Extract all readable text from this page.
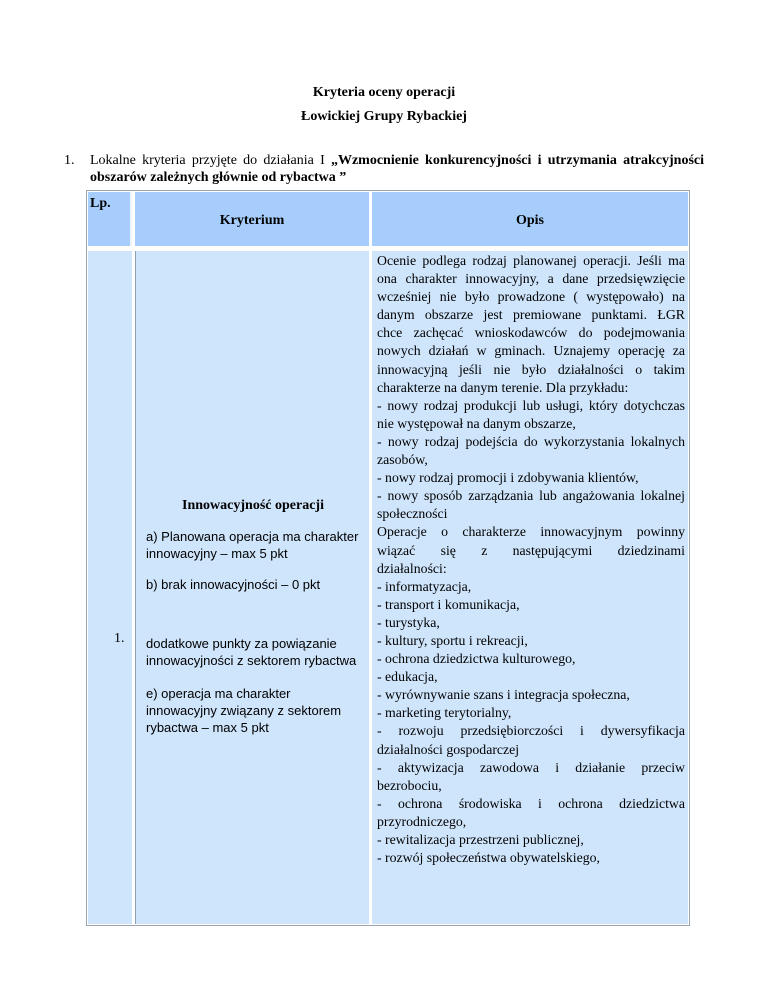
Kryteria oceny operacji
Łowickiej Grupy Rybackiej
1. Lokalne kryteria przyjęte do działania I „Wzmocnienie konkurencyjności i utrzymania atrakcyjności obszarów zależnych głównie od rybactwa ”
Lp.
Kryterium	Opis
1.
Innowacyjność operacji
a) Planowana operacja ma charakter innowacyjny – max 5 pkt
b) brak innowacyjności – 0 pkt
dodatkowe punkty za powiązanie innowacyjności z sektorem rybactwa
e) operacja ma charakter innowacyjny związany z sektorem rybactwa – max 5 pkt
Ocenie podlega rodzaj planowanej operacji. Jeśli ma
ona charakter innowacyjny, a dane przedsięwzięcie
wcześniej nie było prowadzone ( występowało) na
danym obszarze jest premiowane punktami. ŁGR
chce zachęcać wnioskodawców do podejmowania
nowych działań w gminach. Uznajemy operację za
innowacyjną jeśli nie było działalności o takim
charakterze na danym terenie. Dla przykładu:
- nowy rodzaj produkcji lub usługi, który dotychczas
nie występował na danym obszarze,
- nowy rodzaj podejścia do wykorzystania lokalnych
zasobów,
- nowy rodzaj promocji i zdobywania klientów,
- nowy sposób zarządzania lub angażowania lokalnej
społeczności
Operacje o charakterze innowacyjnym powinny
wiązać się z następującymi dziedzinami
działalności:
- informatyzacja,
- transport i komunikacja,
- turystyka,
- kultury, sportu i rekreacji,
- ochrona dziedzictwa kulturowego,
- edukacja,
- wyrównywanie szans i integracja społeczna,
- marketing terytorialny,
- rozwoju przedsiębiorczości i dywersyfikacja
działalności gospodarczej
- aktywizacja zawodowa i działanie przeciw
bezrobociu,
- ochrona środowiska i ochrona dziedzictwa
przyrodniczego,
- rewitalizacja przestrzeni publicznej,
- rozwój społeczeństwa obywatelskiego,
